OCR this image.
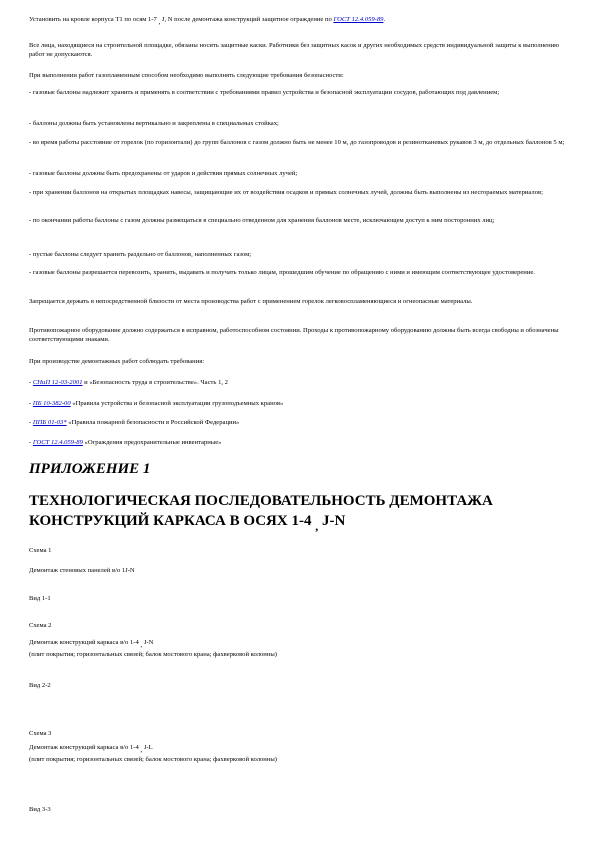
Установить на кровле корпуса Т1 по осям 1-7 , J, N после демонтажа конструкций защитное ограждение по ГОСТ 12.4.059-89.

Все лица, находящиеся на строительной площадке, обязаны носить защитные каски. Работники без защитных касок и других необходимых средств индивидуальной защиты к выполнению работ не допускаются.

При выполнении работ газопламенным способом необходимо выполнять следующие требования безопасности:

- газовые баллоны надлежит хранить и применять в соответствии с требованиями правил устройства и безопасной эксплуатации сосудов, работающих под давлением;

- баллоны должны быть установлены вертикально и закреплены в специальных стойках;

- во время работы расстояние от горелок (по горизонтали) до групп баллонов с газом должно быть не менее 10 м, до газопроводов и резинотканевых рукавов 3 м, до отдельных баллонов 5 м;

- газовые баллоны должны быть предохранены от ударов и действия прямых солнечных лучей;

- при хранении баллонов на открытых площадках навесы, защищающие их от воздействия осадков и прямых солнечных лучей, должны быть выполнены из несгораемых материалов;

- по окончании работы баллоны с газом должны размещаться в специально отведенном для хранения баллонов месте, исключающем доступ к ним посторонних лиц;

- пустые баллоны следует хранить раздельно от баллонов, наполненных газом;

- газовые баллоны разрешается перевозить, хранить, выдавать и получать только лицам, прошедшим обучение по обращению с ними и имеющим соответствующее удостоверение.

Запрещается держать в непосредственной близости от места производства работ с применением горелок легковоспламеняющиеся и огнеопасные материалы.

Противопожарное оборудование должно содержаться в исправном, работоспособном состоянии. Проходы к противопожарному оборудованию должны быть всегда свободны и обозначены соответствующими знаками.

При производстве демонтажных работ соблюдать требования:

- СНиП 12-03-2001 и «Безопасность труда в строительстве». Часть 1, 2

- ПБ 10-382-00 «Правила устройства и безопасной эксплуатации грузоподъемных кранов»

- ППБ 01-03* «Правила пожарной безопасности в Российской Федерации»

- ГОСТ 12.4.059-89 «Ограждения предохранительные инвентарные»

ПРИЛОЖЕНИЕ 1
ТЕХНОЛОГИЧЕСКАЯ ПОСЛЕДОВАТЕЛЬНОСТЬ ДЕМОНТАЖА
КОНСТРУКЦИЙ КАРКАСА В ОСЯХ 1-4 $_,$ J-N

Схема 1

Демонтаж стеновых панелей в/о 1J-N

Вид 1-1

Схема 2

Демонтаж конструкций каркаса в/о 1-4 , J-N
(плит покрытия; горизонтальных связей; балок мостового крана; фахверковой колонны)

Вид 2-2

Схема 3

Демонтаж конструкций каркаса в/о 1-4 , J-L
(плит покрытия; горизонтальных связей; балок мостового крана; фахверковой колонны)

Вид 3-3
